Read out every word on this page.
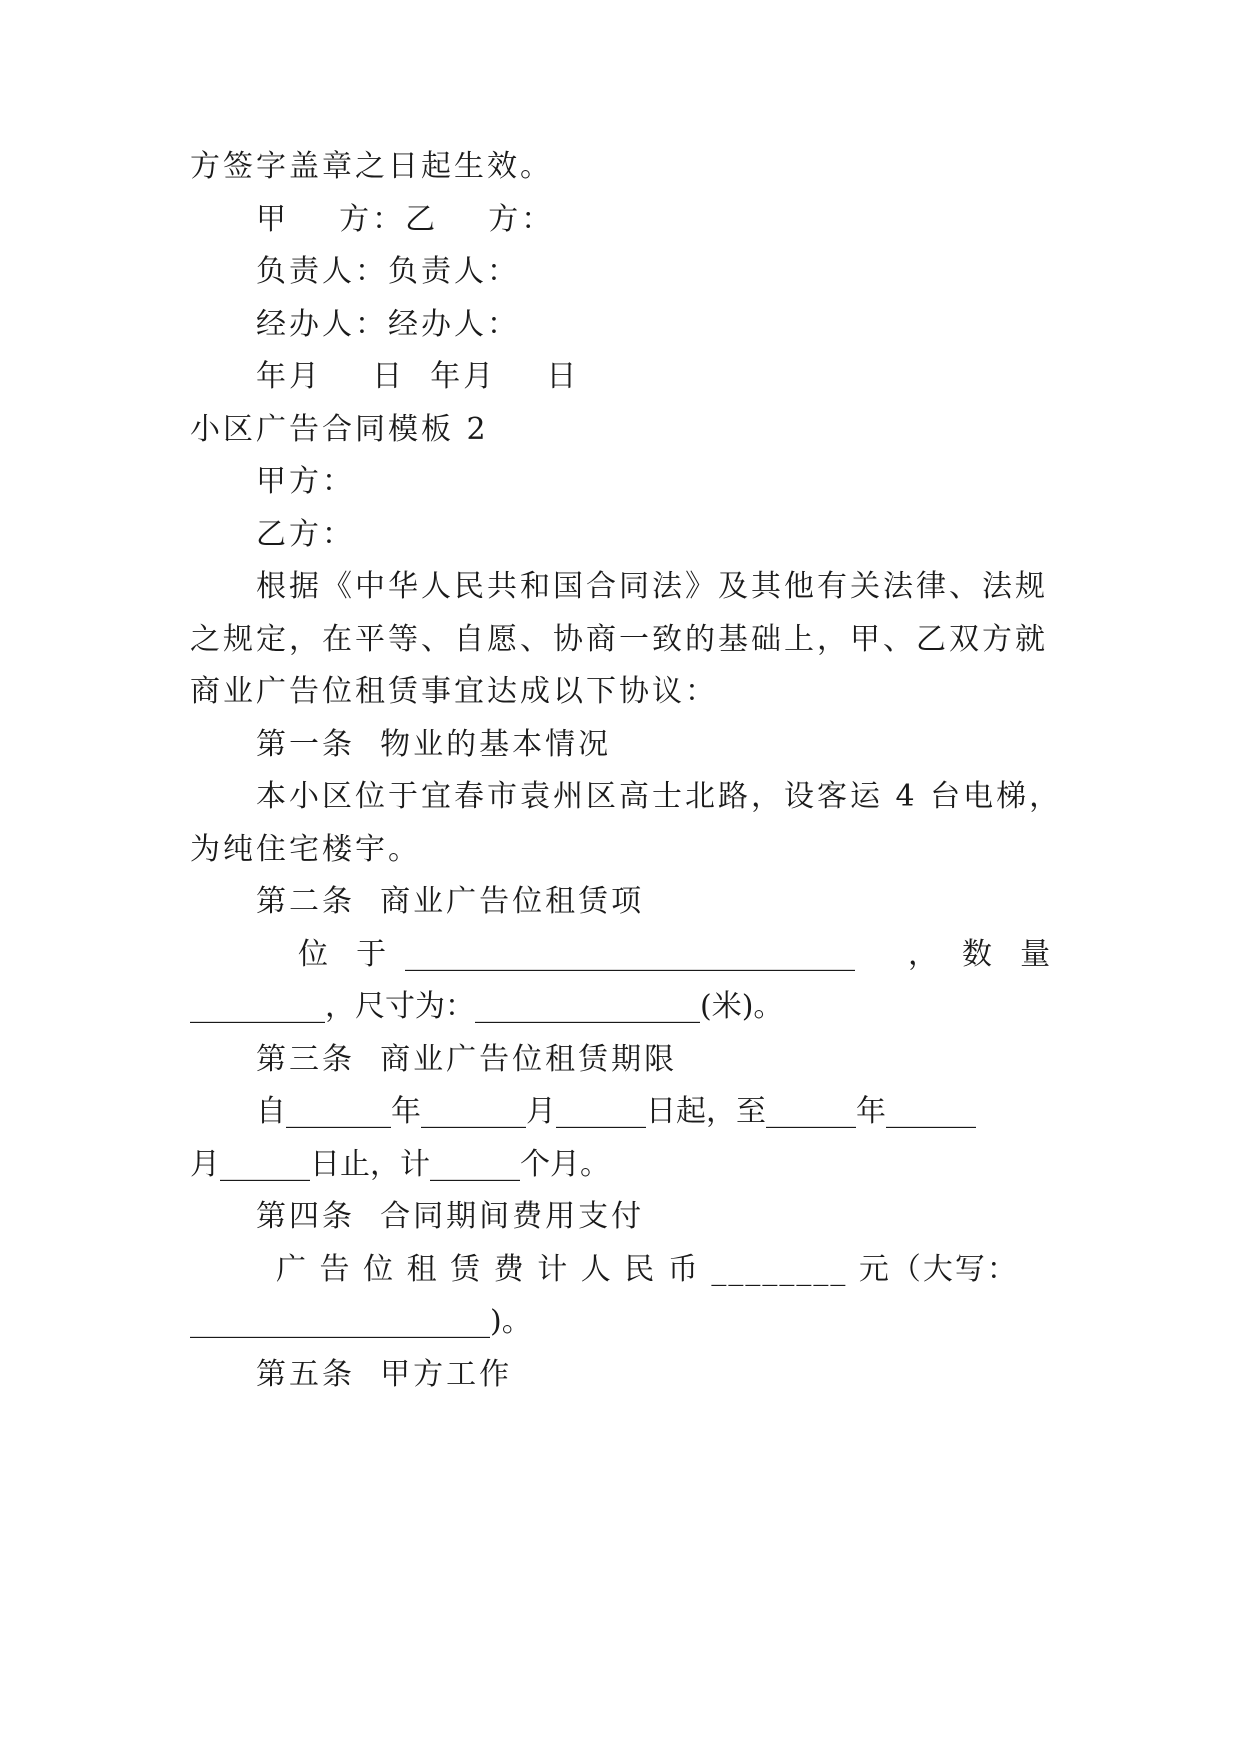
方签字盖章之日起生效。
甲    方：乙    方：
负责人：负责人：
经办人：经办人：
年月    日  年月    日
小区广告合同模板 2
甲方：
乙方：
根据《中华人民共和国合同法》及其他有关法律、法规
之规定，在平等、自愿、协商一致的基础上，甲、乙双方就
商业广告位租赁事宜达成以下协议：
第一条  物业的基本情况
本小区位于宜春市袁州区高士北路，设客运 4 台电梯，
为纯住宅楼宇。
第二条  商业广告位租赁项
位  于 ______________________________ ， 数  量
_________，尺寸为：_______________(米)。
第三条  商业广告位租赁期限
自_______年_______月______日起，至______年______
月______日止，计______个月。
第四条  合同期间费用支付
广 告 位 租 赁 费 计 人 民 币 ________ 元（大写：
____________________)。
第五条  甲方工作
